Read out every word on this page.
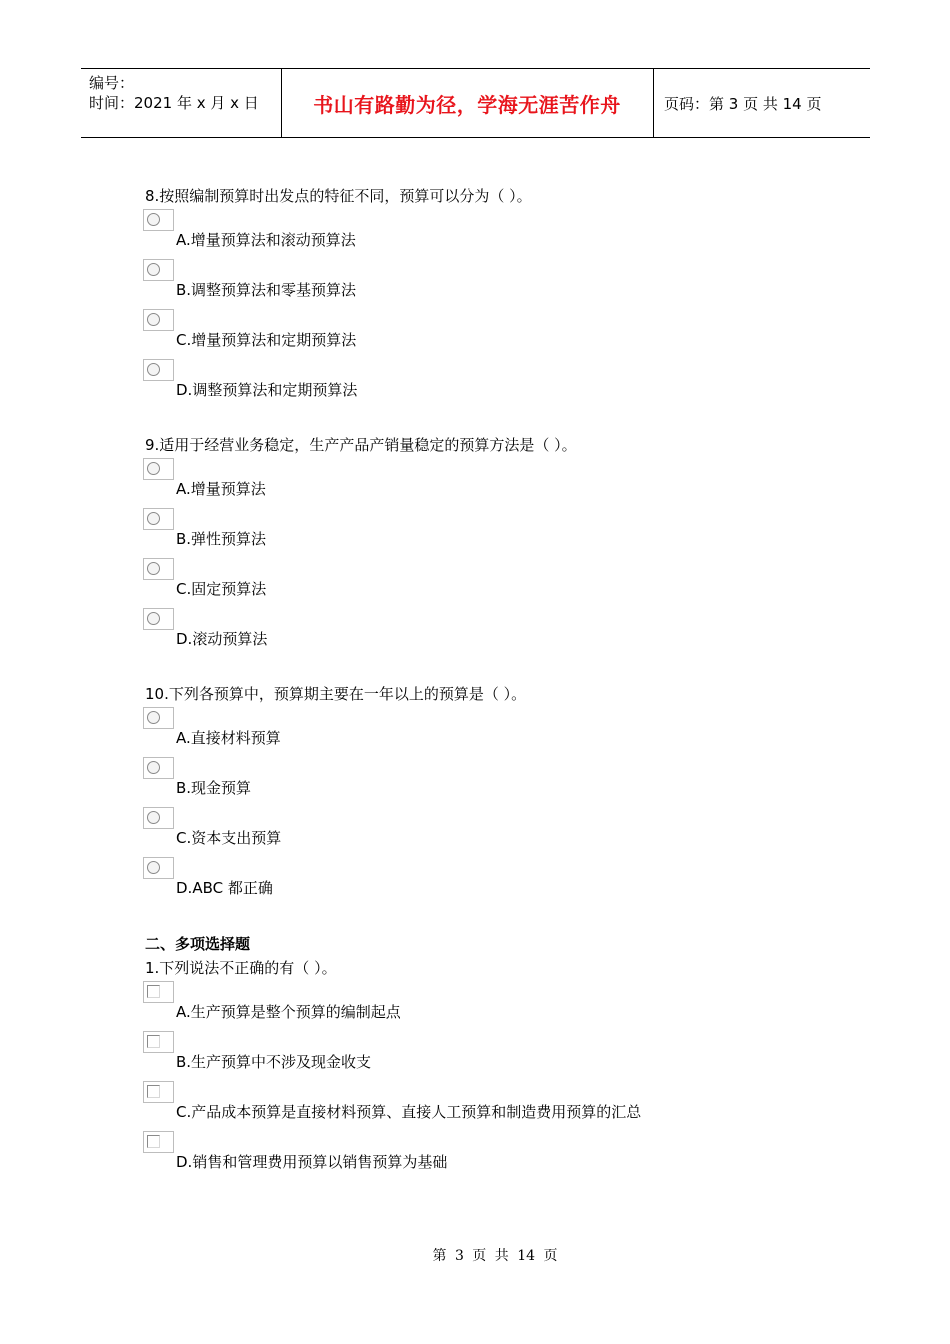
编号：
时间：2021 年 x 月 x 日	书山有路勤为径，学海无涯苦作舟	页码：第 3 页 共 14 页
8.按照编制预算时出发点的特征不同，预算可以分为（ ）。
A.增量预算法和滚动预算法
B.调整预算法和零基预算法
C.增量预算法和定期预算法
D.调整预算法和定期预算法
9.适用于经营业务稳定，生产产品产销量稳定的预算方法是（ ）。
A.增量预算法
B.弹性预算法
C.固定预算法
D.滚动预算法
10.下列各预算中，预算期主要在一年以上的预算是（ ）。
A.直接材料预算
B.现金预算
C.资本支出预算
D.ABC 都正确
二、多项选择题
1.下列说法不正确的有（ ）。
A.生产预算是整个预算的编制起点
B.生产预算中不涉及现金收支
C.产品成本预算是直接材料预算、直接人工预算和制造费用预算的汇总
D.销售和管理费用预算以销售预算为基础
第 3 页 共 14 页
